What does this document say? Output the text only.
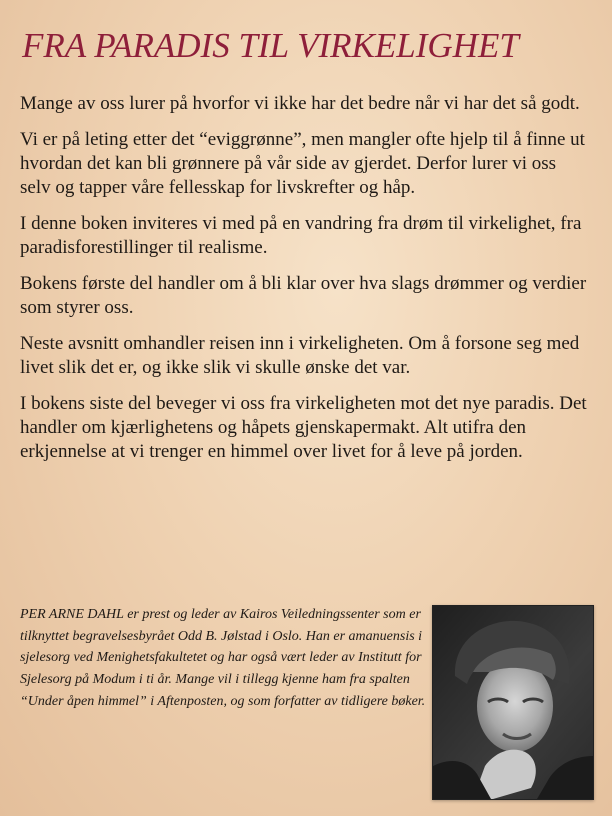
FRA PARADIS TIL VIRKELIGHET

Mange av oss lurer på hvorfor vi ikke har det bedre når vi har det så godt.

Vi er på leting etter det “eviggrønne”, men mangler ofte hjelp til å finne ut hvordan det kan bli grønnere på vår side av gjerdet. Derfor lurer vi oss selv og tapper våre fellesskap for livskrefter og håp.

I denne boken inviteres vi med på en vandring fra drøm til virkelighet, fra paradisforestillinger til realisme.

Bokens første del handler om å bli klar over hva slags drømmer og verdier som styrer oss.

Neste avsnitt omhandler reisen inn i virkeligheten. Om å forsone seg med livet slik det er, og ikke slik vi skulle ønske det var.

I bokens siste del beveger vi oss fra virkeligheten mot det nye paradis. Det handler om kjærlighetens og håpets gjenskapermakt. Alt utifra den erkjennelse at vi trenger en himmel over livet for å leve på jorden.

PER ARNE DAHL er prest og leder av Kairos Veiledningssenter som er tilknyttet begravelsesbyrået Odd B. Jølstad i Oslo. Han er amanuensis i sjelesorg ved Menighetsfakultetet og har også vært leder av Institutt for Sjelesorg på Modum i ti år. Mange vil i tillegg kjenne ham fra spalten “Under åpen himmel” i Aftenposten, og som forfatter av tidligere bøker.
